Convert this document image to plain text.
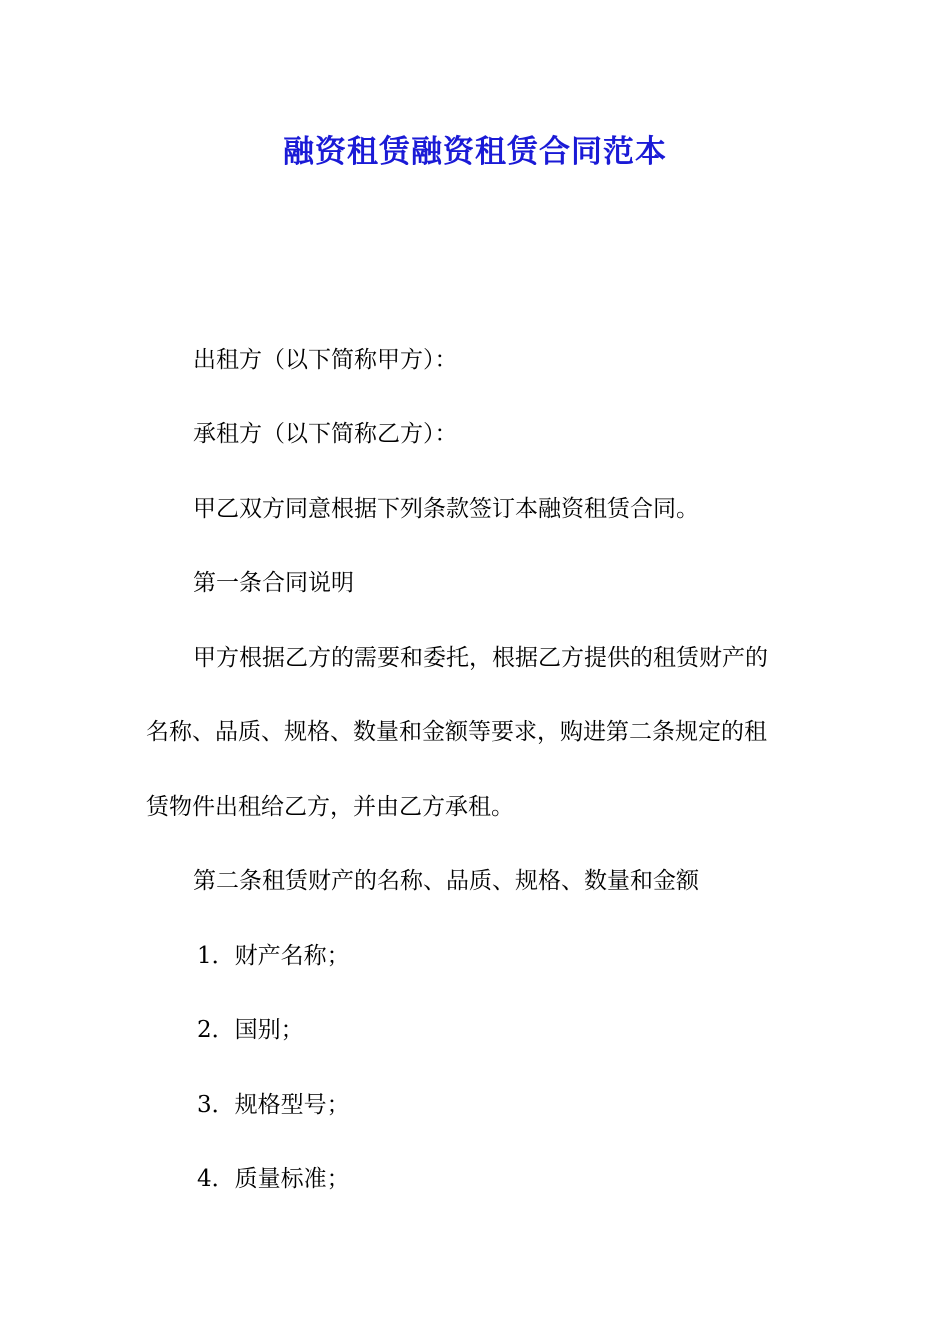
融资租赁融资租赁合同范本
出租方（以下简称甲方）：
承租方（以下简称乙方）：
甲乙双方同意根据下列条款签订本融资租赁合同。
第一条合同说明
甲方根据乙方的需要和委托，根据乙方提供的租赁财产的
名称、品质、规格、数量和金额等要求，购进第二条规定的租
赁物件出租给乙方，并由乙方承租。
第二条租赁财产的名称、品质、规格、数量和金额
1．财产名称；
2．国别；
3．规格型号；
4．质量标准；
